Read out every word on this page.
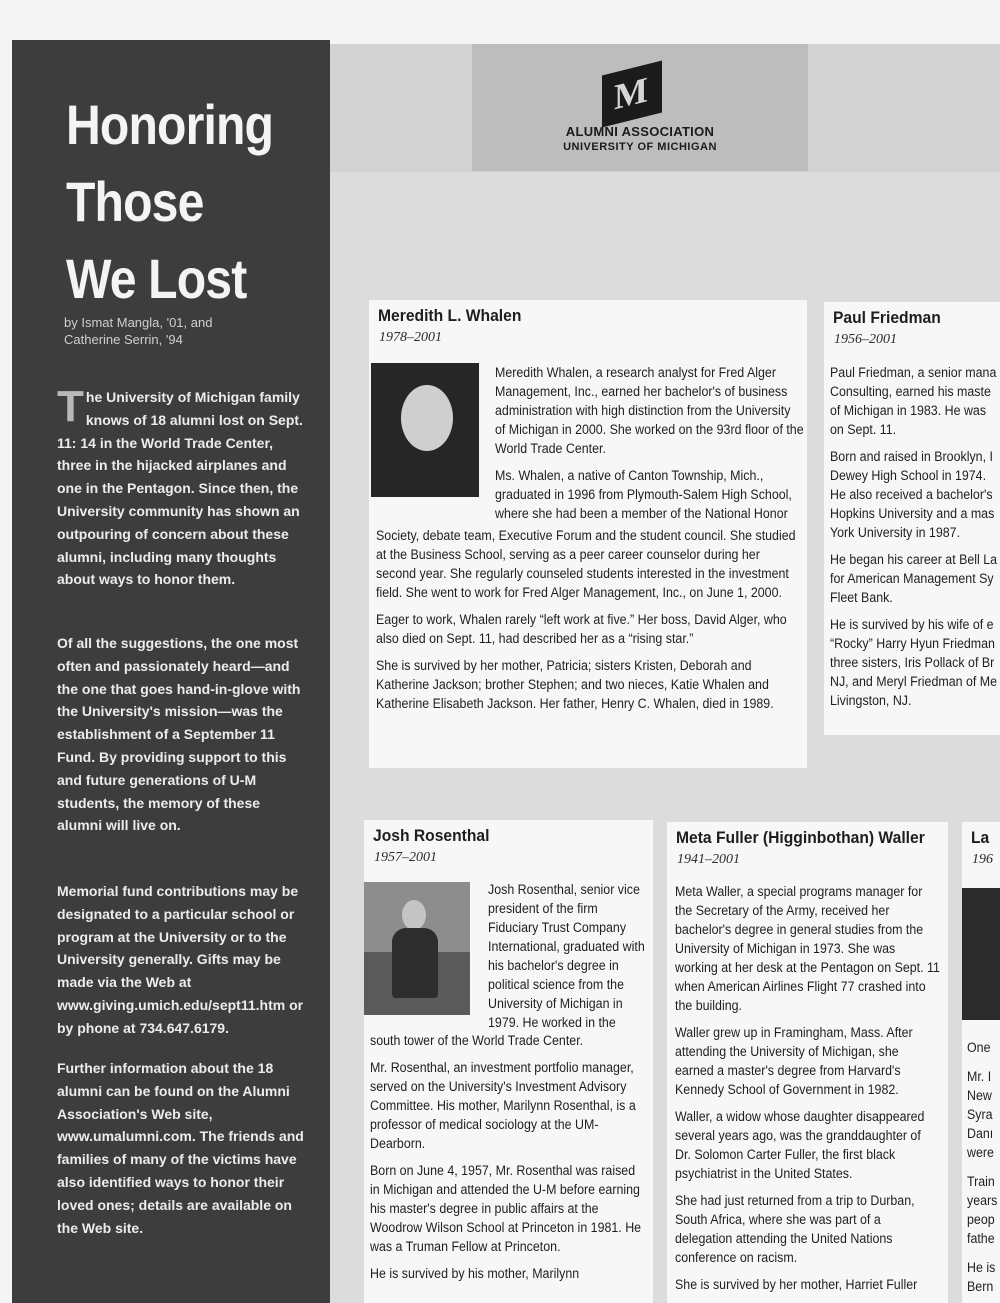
Honoring
Those
We Lost
by Ismat Mangla, '01, and
Catherine Serrin, '94
The University of Michigan family knows of 18 alumni lost on Sept. 11: 14 in the World Trade Center, three in the hijacked airplanes and one in the Pentagon. Since then, the University community has shown an outpouring of concern about these alumni, including many thoughts about ways to honor them.
Of all the suggestions, the one most often and passionately heard—and the one that goes hand-in-glove with the University's mission—was the establishment of a September 11 Fund. By providing support to this and future generations of U-M students, the memory of these alumni will live on.
Memorial fund contributions may be designated to a particular school or program at the University or to the University generally. Gifts may be made via the Web at www.giving.umich.edu/sept11.htm or by phone at 734.647.6179.
Further information about the 18 alumni can be found on the Alumni Association's Web site, www.umalumni.com. The friends and families of many of the victims have also identified ways to honor their loved ones; details are available on the Web site.
M
ALUMNI ASSOCIATION
UNIVERSITY OF MICHIGAN
Meredith L. Whalen
1978–2001

Meredith Whalen, a research analyst for Fred Alger Management, Inc., earned her bachelor's of business administration with high distinction from the University of Michigan in 2000. She worked on the 93rd floor of the World Trade Center.

Ms. Whalen, a native of Canton Township, Mich., graduated in 1996 from Plymouth-Salem High School, where she had been a member of the National Honor

Society, debate team, Executive Forum and the student council. She studied at the Business School, serving as a peer career counselor during her second year. She regularly counseled students interested in the investment field. She went to work for Fred Alger Management, Inc., on June 1, 2000.

Eager to work, Whalen rarely “left work at five.” Her boss, David Alger, who also died on Sept. 11, had described her as a “rising star.”

She is survived by her mother, Patricia; sisters Kristen, Deborah and Katherine Jackson; brother Stephen; and two nieces, Katie Whalen and Katherine Elisabeth Jackson. Her father, Henry C. Whalen, died in 1989.

Paul Friedman
1956–2001

Paul Friedman, a senior mana Consulting, earned his maste of Michigan in 1983. He was on Sept. 11.

Born and raised in Brooklyn, I Dewey High School in 1974. He also received a bachelor's Hopkins University and a mas York University in 1987.

He began his career at Bell La for American Management Sy Fleet Bank.

He is survived by his wife of e “Rocky” Harry Hyun Friedman three sisters, Iris Pollack of Br NJ, and Meryl Friedman of Me Livingston, NJ.

Josh Rosenthal
1957–2001
Josh Rosenthal, senior vice president of the firm Fiduciary Trust Company International, graduated with his bachelor's degree in political science from the University of Michigan in 1979. He worked in the

south tower of the World Trade Center.

Mr. Rosenthal, an investment portfolio manager, served on the University's Investment Advisory Committee. His mother, Marilynn Rosenthal, is a professor of medical sociology at the UM-Dearborn.

Born on June 4, 1957, Mr. Rosenthal was raised in Michigan and attended the U-M before earning his master's degree in public affairs at the Woodrow Wilson School at Princeton in 1981. He was a Truman Fellow at Princeton.

He is survived by his mother, Marilynn

Meta Fuller (Higginbothan) Waller
1941–2001

Meta Waller, a special programs manager for the Secretary of the Army, received her bachelor's degree in general studies from the University of Michigan in 1973. She was working at her desk at the Pentagon on Sept. 11 when American Airlines Flight 77 crashed into the building.

Waller grew up in Framingham, Mass. After attending the University of Michigan, she earned a master's degree from Harvard's Kennedy School of Government in 1982.

Waller, a widow whose daughter disappeared several years ago, was the granddaughter of Dr. Solomon Carter Fuller, the first black psychiatrist in the United States.

She had just returned from a trip to Durban, South Africa, where she was part of a delegation attending the United Nations conference on racism.

She is survived by her mother, Harriet Fuller

La
196

One

Mr. I

New

Syra

Danı

were

Train

years

peop

fathe

He is

Bern
